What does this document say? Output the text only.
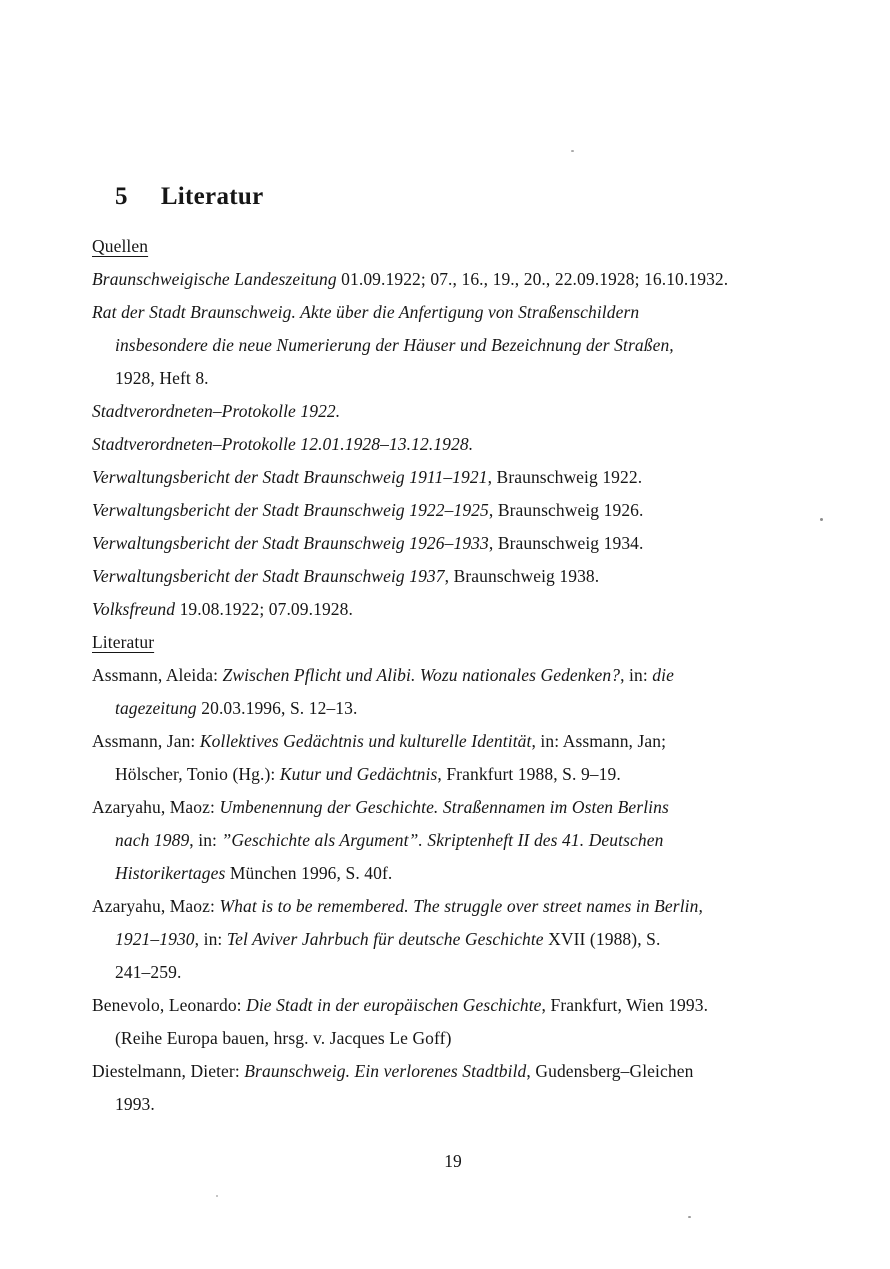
5 Literatur
Quellen
Braunschweigische Landeszeitung 01.09.1922; 07., 16., 19., 20., 22.09.1928; 16.10.1932.
Rat der Stadt Braunschweig. Akte über die Anfertigung von Straßenschildern
insbesondere die neue Numerierung der Häuser und Bezeichnung der Straßen,
1928, Heft 8.
Stadtverordneten–Protokolle 1922.
Stadtverordneten–Protokolle 12.01.1928–13.12.1928.
Verwaltungsbericht der Stadt Braunschweig 1911–1921, Braunschweig 1922.
Verwaltungsbericht der Stadt Braunschweig 1922–1925, Braunschweig 1926.
Verwaltungsbericht der Stadt Braunschweig 1926–1933, Braunschweig 1934.
Verwaltungsbericht der Stadt Braunschweig 1937, Braunschweig 1938.
Volksfreund 19.08.1922; 07.09.1928.
Literatur
Assmann, Aleida: Zwischen Pflicht und Alibi. Wozu nationales Gedenken?, in: die
tagezeitung 20.03.1996, S. 12–13.
Assmann, Jan: Kollektives Gedächtnis und kulturelle Identität, in: Assmann, Jan;
Hölscher, Tonio (Hg.): Kutur und Gedächtnis, Frankfurt 1988, S. 9–19.
Azaryahu, Maoz: Umbenennung der Geschichte. Straßennamen im Osten Berlins
nach 1989, in: ”Geschichte als Argument”. Skriptenheft II des 41. Deutschen
Historikertages München 1996, S. 40f.
Azaryahu, Maoz: What is to be remembered. The struggle over street names in Berlin,
1921–1930, in: Tel Aviver Jahrbuch für deutsche Geschichte XVII (1988), S.
241–259.
Benevolo, Leonardo: Die Stadt in der europäischen Geschichte, Frankfurt, Wien 1993.
(Reihe Europa bauen, hrsg. v. Jacques Le Goff)
Diestelmann, Dieter: Braunschweig. Ein verlorenes Stadtbild, Gudensberg–Gleichen
1993.
19
